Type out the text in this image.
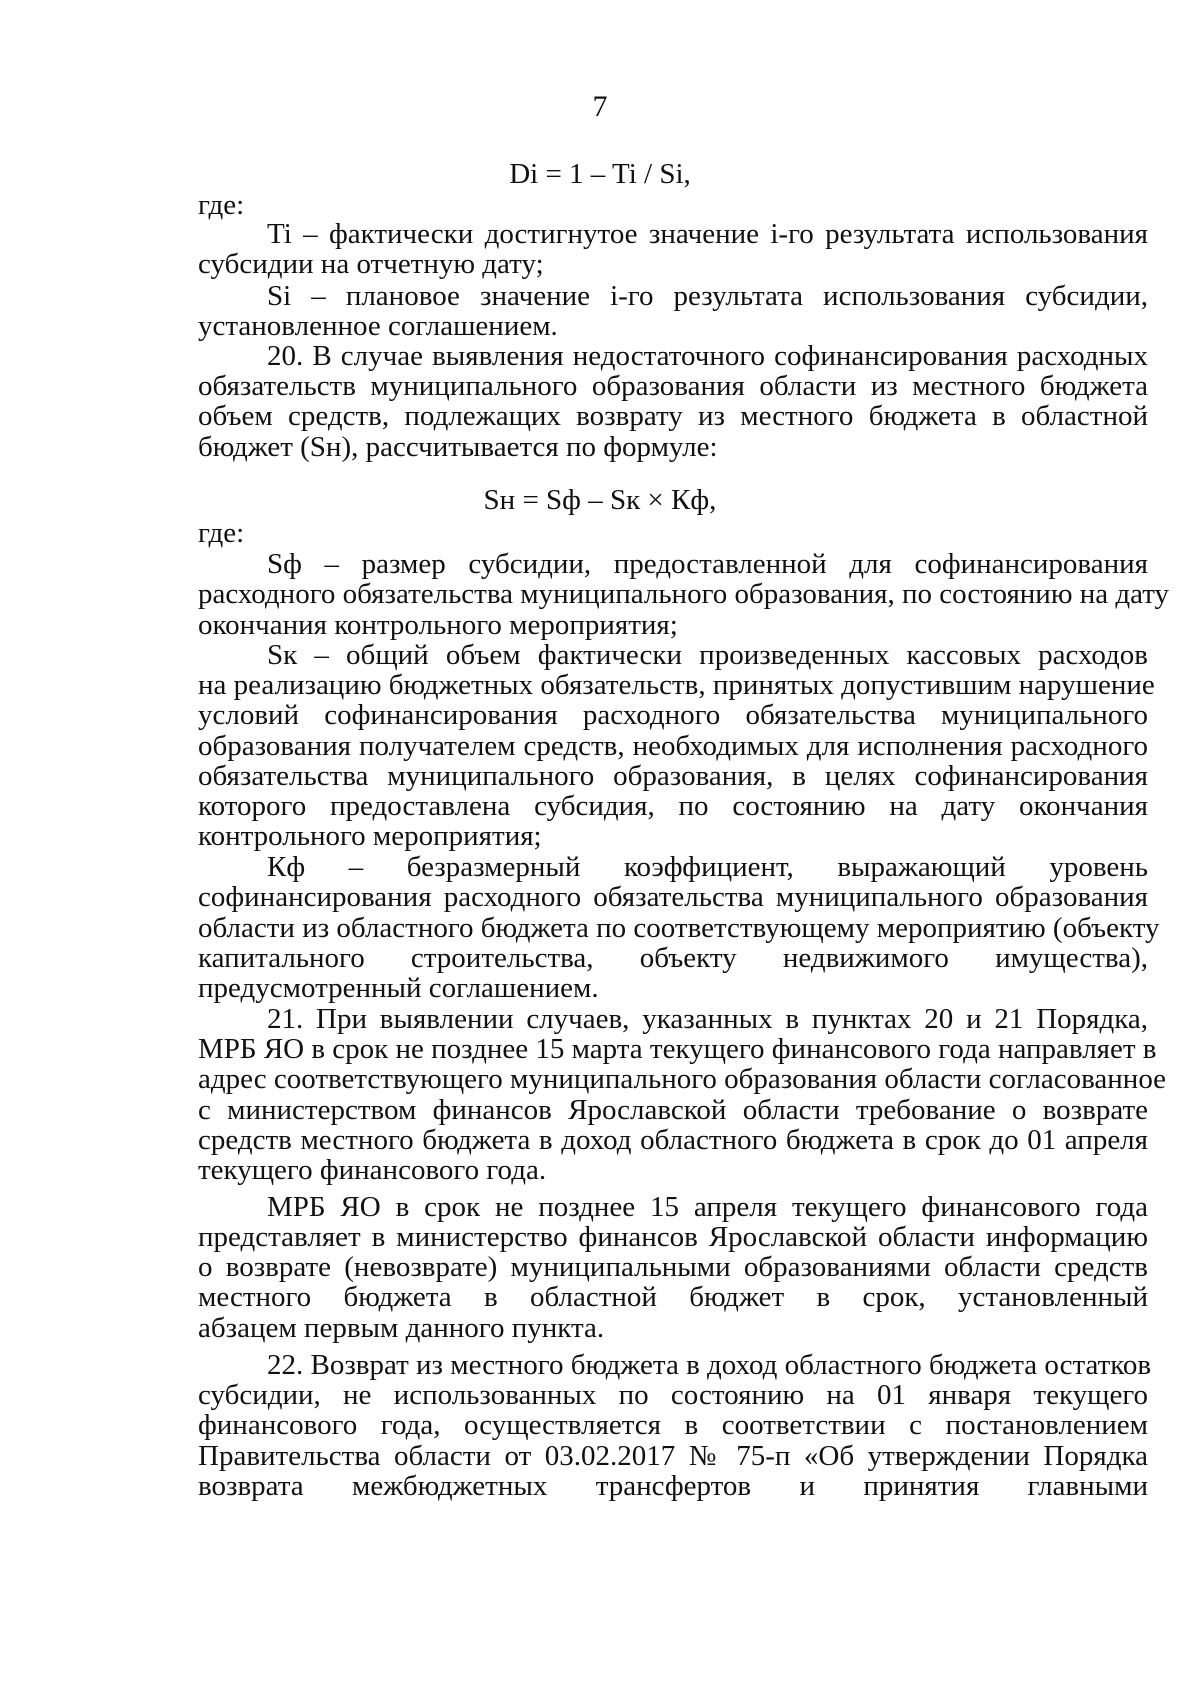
7
Di = 1 – Ti / Si,
где:
Ti – фактически достигнутое значение i-го результата использования
субсидии на отчетную дату;
Si – плановое значение i-го результата использования субсидии,
установленное соглашением.
20. В случае выявления недостаточного софинансирования расходных
обязательств муниципального образования области из местного бюджета
объем средств, подлежащих возврату из местного бюджета в областной
бюджет (Sн), рассчитывается по формуле:
Sн = Sф – Sк × Кф,
где:
Sф – размер субсидии, предоставленной для софинансирования
расходного обязательства муниципального образования, по состоянию на дату
окончания контрольного мероприятия;
Sк – общий объем фактически произведенных кассовых расходов
на реализацию бюджетных обязательств, принятых допустившим нарушение
условий софинансирования расходного обязательства муниципального
образования получателем средств, необходимых для исполнения расходного
обязательства муниципального образования, в целях софинансирования
которого предоставлена субсидия, по состоянию на дату окончания
контрольного мероприятия;
Кф – безразмерный коэффициент, выражающий уровень
софинансирования расходного обязательства муниципального образования
области из областного бюджета по соответствующему мероприятию (объекту
капитального строительства, объекту недвижимого имущества),
предусмотренный соглашением.
21. При выявлении случаев, указанных в пунктах 20 и 21 Порядка,
МРБ ЯО в срок не позднее 15 марта текущего финансового года направляет в
адрес соответствующего муниципального образования области согласованное
с министерством финансов Ярославской области требование о возврате
средств местного бюджета в доход областного бюджета в срок до 01 апреля
текущего финансового года.
МРБ ЯО в срок не позднее 15 апреля текущего финансового года
представляет в министерство финансов Ярославской области информацию
о возврате (невозврате) муниципальными образованиями области средств
местного бюджета в областной бюджет в срок, установленный
абзацем первым данного пункта.
22. Возврат из местного бюджета в доход областного бюджета остатков
субсидии, не использованных по состоянию на 01 января текущего
финансового года, осуществляется в соответствии с постановлением
Правительства области от 03.02.2017 № 75-п «Об утверждении Порядка
возврата межбюджетных трансфертов и принятия главными
